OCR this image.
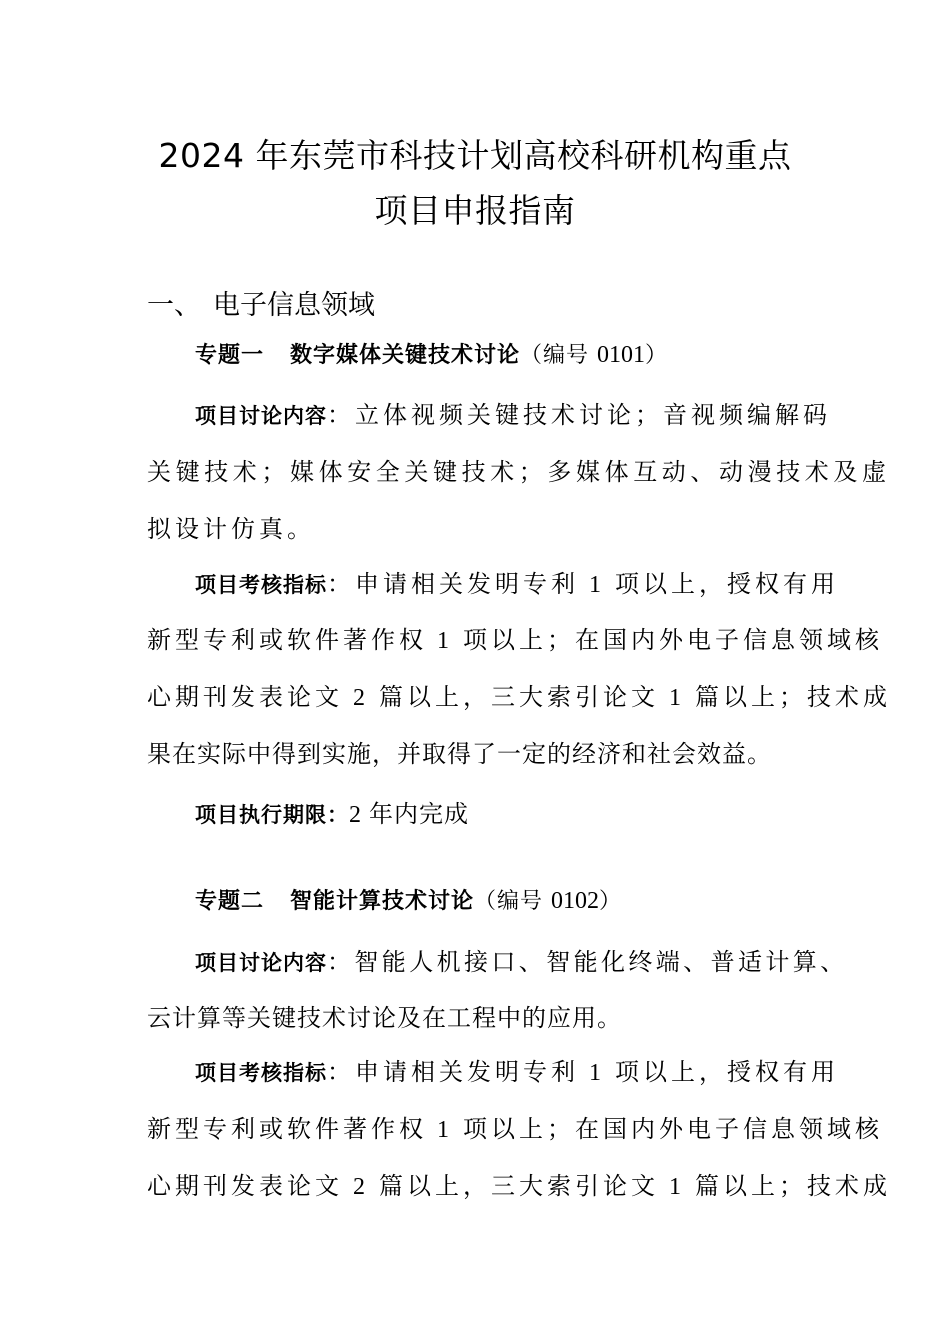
2024 年东莞市科技计划高校科研机构重点
项目申报指南
一、 电子信息领域
专题一 数字媒体关键技术讨论（编号 0101）
项目讨论内容：立体视频关键技术讨论；音视频编解码
关键技术；媒体安全关键技术；多媒体互动、动漫技术及虚
拟设计仿真。
项目考核指标：申请相关发明专利 1 项以上，授权有用
新型专利或软件著作权 1 项以上；在国内外电子信息领域核
心期刊发表论文 2 篇以上，三大索引论文 1 篇以上；技术成
果在实际中得到实施，并取得了一定的经济和社会效益。
项目执行期限：2 年内完成
专题二 智能计算技术讨论（编号 0102）
项目讨论内容：智能人机接口、智能化终端、普适计算、
云计算等关键技术讨论及在工程中的应用。
项目考核指标：申请相关发明专利 1 项以上，授权有用
新型专利或软件著作权 1 项以上；在国内外电子信息领域核
心期刊发表论文 2 篇以上，三大索引论文 1 篇以上；技术成
